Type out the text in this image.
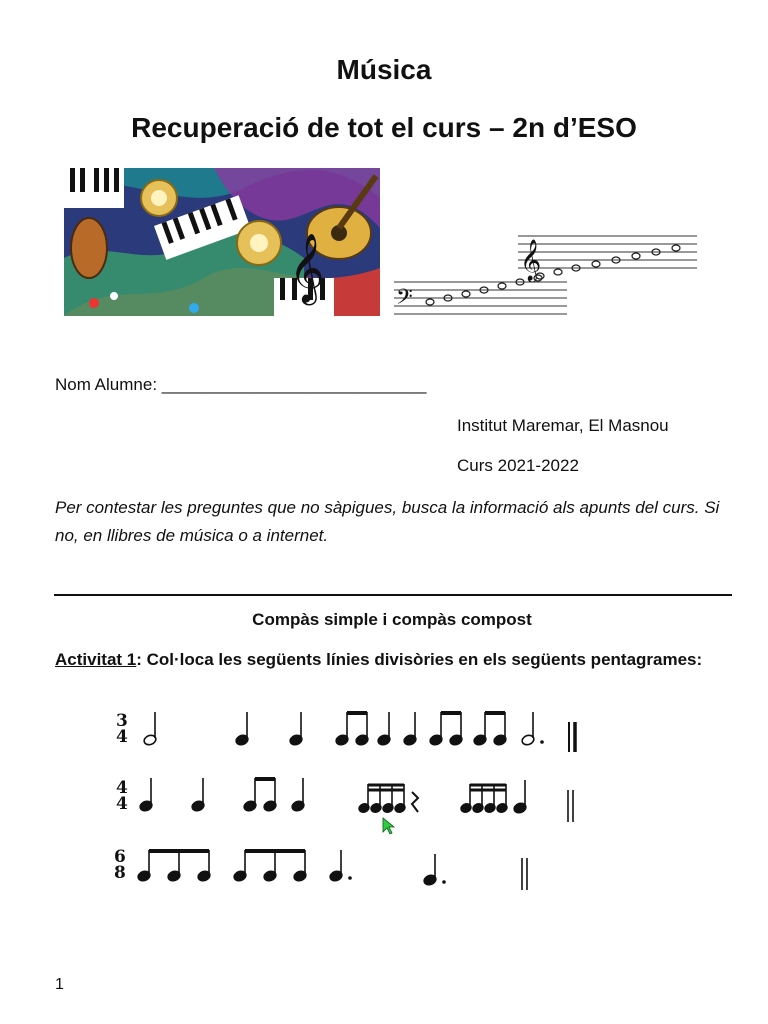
Música
Recuperació de tot el curs – 2n d’ESO
𝄞	𝄞
𝄢
Nom Alumne: ____________________________
Institut Maremar, El Masnou
Curs 2021-2022
Per contestar les preguntes que no sàpigues, busca la informació als apunts del curs. Si no, en llibres de música o a internet.
Compàs simple i compàs compost
Activitat 1: Col·loca les següents línies divisòries en els següents pentagrames:
3
4
4
4
6
8
1
